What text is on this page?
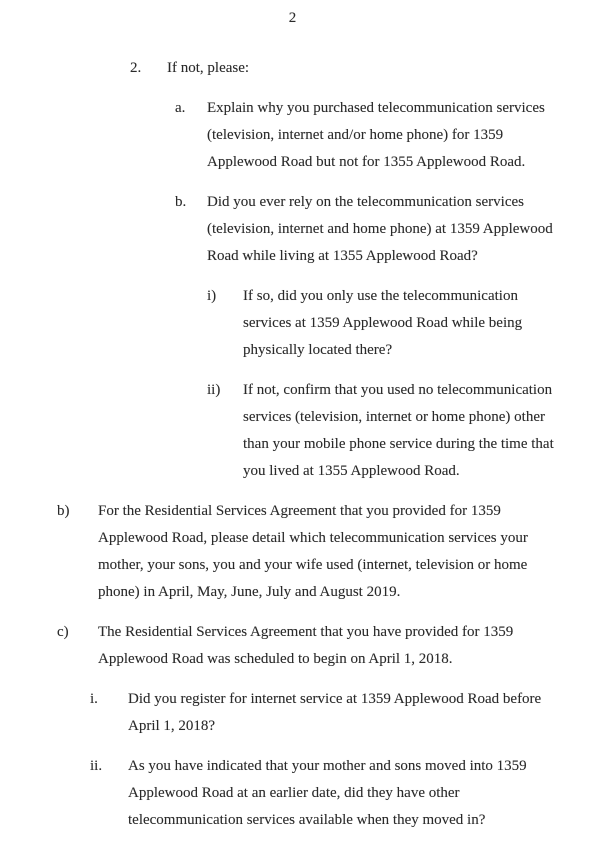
2
2.	If not, please:
a.	Explain why you purchased telecommunication services
(television, internet and/or home phone) for 1359
Applewood Road but not for 1355 Applewood Road.
b.	Did you ever rely on the telecommunication services
(television, internet and home phone) at 1359 Applewood
Road while living at 1355 Applewood Road?
i)	If so, did you only use the telecommunication
services at 1359 Applewood Road while being
physically located there?
ii)	If not, confirm that you used no telecommunication
services (television, internet or home phone) other
than your mobile phone service during the time that
you lived at 1355 Applewood Road.
b)	For the Residential Services Agreement that you provided for 1359
Applewood Road, please detail which telecommunication services your
mother, your sons, you and your wife used (internet, television or home
phone) in April, May, June, July and August 2019.
c)	The Residential Services Agreement that you have provided for 1359
Applewood Road was scheduled to begin on April 1, 2018.
i.	Did you register for internet service at 1359 Applewood Road before
April 1, 2018?
ii.	As you have indicated that your mother and sons moved into 1359
Applewood Road at an earlier date, did they have other
telecommunication services available when they moved in?
